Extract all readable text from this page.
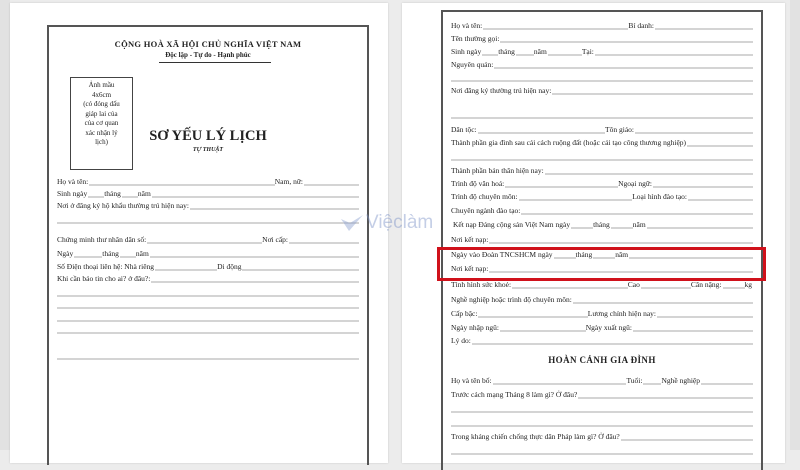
CỘNG HOÀ XÃ HỘI CHỦ NGHĨA VIỆT NAM
Độc lập - Tự do - Hạnh phúc
Ảnh mầu
4x6cm
(có đóng dấu
giáp lai của
của cơ quan
xác nhận lý
lịch)	SƠ YẾU LÝ LỊCH
TỰ THUẬT
Họ và tên:	Nam, nữ:
Sinh ngày tháng năm
Nơi ở đăng ký hộ khẩu thường trú hiện nay:
Chứng minh thư nhân dân số:	Nơi cấp:
Ngày	tháng năm
Số Điện thoại liên hệ: Nhà riêng	Di động
Khi cần báo tin cho ai? ở đâu?:
Họ và tên:	Bí danh:
Tên thường gọi:
Sinh ngày tháng	năm	Tại:
Nguyên quán:
Nơi đăng ký thường trú hiện nay:
Dân tộc:	Tôn giáo:
Thành phần gia đình sau cải cách ruộng đất (hoặc cải tạo công thương nghiệp)
Thành phần bản thân hiện nay:
Trình độ văn hoá:	Ngoại ngữ:
Trình độ chuyên môn:	Loại hình đào tạo:
Chuyên ngành đào tạo:
Kết nạp Đảng cộng sản Việt Nam ngày	tháng	năm
Nơi kết nạp:
Ngày vào Đoàn TNCSHCM ngày	tháng	năm
Nơi kết nạp:
Tình hình sức khoẻ:	Cao	Cân nặng:	kg
Nghề nghiệp hoặc trình độ chuyên môn:
Cấp bậc:	Lương chính hiện nay:
Ngày nhập ngũ:	Ngày xuất ngũ:
Lý do:
HOÀN CẢNH GIA ĐÌNH
Họ và tên bố:	Tuổi:	Nghề nghiệp
Trước cách mạng Tháng 8 làm gì? Ở đâu?
Trong kháng chiến chống thực dân Pháp làm gì? Ở đâu?
Việclàm
